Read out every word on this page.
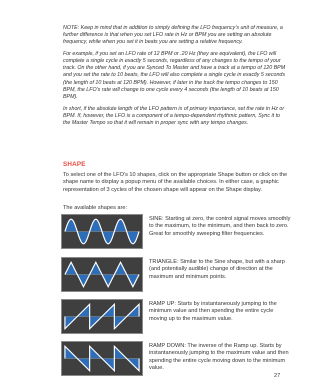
NOTE: Keep in mind that in addition to simply defining the LFO frequency’s unit of measure, a further difference is that when you set LFO rate in Hz or BPM you are setting an absolute frequency, while when you set it in beats you are setting a relative frequency.

For example, if you set an LFO rate of 12 BPM or .20 Hz (they are equivalent), the LFO will complete a single cycle in exactly 5 seconds, regardless of any changes to the tempo of your track. On the other hand, if you are Synced To Master and have a track at a tempo of 120 BPM and you set the rate to 10 beats, the LFO will also complete a single cycle in exactly 5 seconds (the length of 10 beats at 120 BPM). However, if later in the track the tempo changes to 150 BPM, the LFO’s rate will change to one cycle every 4 seconds (the length of 10 beats at 150 BPM).

In short, if the absolute length of the LFO pattern is of primary importance, set the rate in Hz or BPM. If, however, the LFO is a component of a tempo-dependent rhythmic pattern, Sync it to the Master Tempo so that it will remain in proper sync with any tempo changes.

SHAPE
To select one of the LFO’s 10 shapes, click on the appropriate Shape button or click on the shape name to display a popup menu of the available choices. In either case, a graphic representation of 3 cycles of the chosen shape will appear on the Shape display.
The available shapes are:
SINE: Starting at zero, the control signal moves smoothly to the maximum, to the minimum, and then back to zero. Great for smoothly sweeping filter frequencies.
TRIANGLE: Similar to the Sine shape, but with a sharp (and potentially audible) change of direction at the maximum and minimum points.
RAMP UP: Starts by instantaneously jumping to the minimum value and then spending the entire cycle moving up to the maximum value.
RAMP DOWN: The inverse of the Ramp up. Starts by instantaneously jumping to the maximum value and then spending the entire cycle moving down to the minimum value.
27
